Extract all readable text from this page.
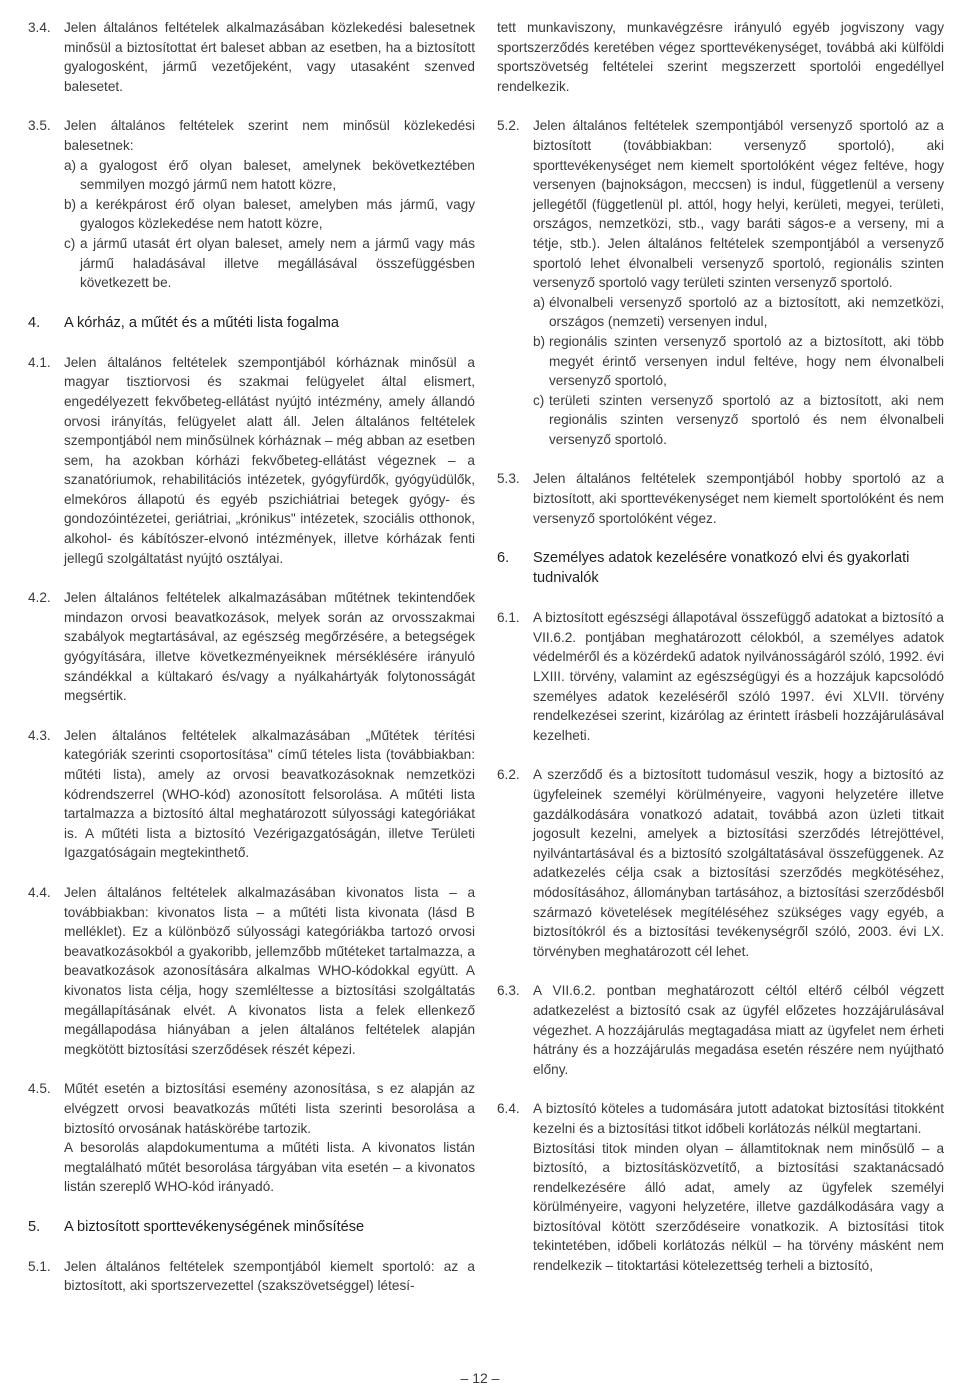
3.4. Jelen általános feltételek alkalmazásában közlekedési balesetnek minősül a biztosítottat ért baleset abban az esetben, ha a biztosított gyalogosként, jármű vezetőjeként, vagy utasaként szenved balesetet.
3.5. Jelen általános feltételek szerint nem minősül közlekedési balesetnek:

a) a gyalogost érő olyan baleset, amelynek bekövetkeztében semmilyen mozgó jármű nem hatott közre,
b) a kerékpárost érő olyan baleset, amelyben más jármű, vagy gyalogos közlekedése nem hatott közre,
c) a jármű utasát ért olyan baleset, amely nem a jármű vagy más jármű haladásával illetve megállásával összefüggésben következett be.
4.	A kórház, a műtét és a műtéti lista fogalma
4.1. Jelen általános feltételek szempontjából kórháznak minősül a magyar tisztiorvosi és szakmai felügyelet által elismert, engedélyezett fekvőbeteg-ellátást nyújtó intézmény, amely állandó orvosi irányítás, felügyelet alatt áll. Jelen általános feltételek szempontjából nem minősülnek kórháznak – még abban az esetben sem, ha azokban kórházi fekvőbeteg-ellátást végeznek – a szanatóriumok, rehabilitációs intézetek, gyógyfürdők, gyógyüdülők, elmekóros állapotú és egyéb pszichiátriai betegek gyógy- és gondozóintézetei, geriátriai, „krónikus" intézetek, szociális otthonok, alkohol- és kábítószer-elvonó intézmények, illetve kórházak fenti jellegű szolgáltatást nyújtó osztályai.
4.2. Jelen általános feltételek alkalmazásában műtétnek tekintendőek mindazon orvosi beavatkozások, melyek során az orvosszakmai szabályok megtartásával, az egészség megőrzésére, a betegségek gyógyítására, illetve következményeiknek mérséklésére irányuló szándékkal a kültakaró és/vagy a nyálkahártyák folytonosságát megsértik.
4.3. Jelen általános feltételek alkalmazásában „Műtétek térítési kategóriák szerinti csoportosítása" című tételes lista (továbbiakban: műtéti lista), amely az orvosi beavatkozásoknak nemzetközi kódrendszerrel (WHO-kód) azonosított felsorolása. A műtéti lista tartalmazza a biztosító által meghatározott súlyossági kategóriákat is. A műtéti lista a biztosító Vezérigazgatóságán, illetve Területi Igazgatóságain megtekinthető.
4.4. Jelen általános feltételek alkalmazásában kivonatos lista – a továbbiakban: kivonatos lista – a műtéti lista kivonata (lásd B melléklet). Ez a különböző súlyossági kategóriákba tartozó orvosi beavatkozásokból a gyakoribb, jellemzőbb műtéteket tartalmazza, a beavatkozások azonosítására alkalmas WHO-kódokkal együtt. A kivonatos lista célja, hogy szemléltesse a biztosítási szolgáltatás megállapításának elvét. A kivonatos lista a felek ellenkező megállapodása hiányában a jelen általános feltételek alapján megkötött biztosítási szerződések részét képezi.
4.5. Műtét esetén a biztosítási esemény azonosítása, s ez alapján az elvégzett orvosi beavatkozás műtéti lista szerinti besorolása a biztosító orvosának hatáskörébe tartozik.

A besorolás alapdokumentuma a műtéti lista. A kivonatos listán megtalálható műtét besorolása tárgyában vita esetén – a kivonatos listán szereplő WHO-kód irányadó.

5.	A biztosított sporttevékenységének minősítése
5.1. Jelen általános feltételek szempontjából kiemelt sportoló: az a biztosított, aki sportszervezettel (szakszövetséggel) létesí-
tett munkaviszony, munkavégzésre irányuló egyéb jogviszony vagy sportszerződés keretében végez sporttevékenységet, továbbá aki külföldi sportszövetség feltételei szerint megszerzett sportolói engedéllyel rendelkezik.
5.2. Jelen általános feltételek szempontjából versenyző sportoló az a biztosított (továbbiakban: versenyző sportoló), aki sporttevékenységet nem kiemelt sportolóként végez feltéve, hogy versenyen (bajnokságon, meccsen) is indul, függetlenül a verseny jellegétől (függetlenül pl. attól, hogy helyi, kerületi, megyei, területi, országos, nemzetközi, stb., vagy baráti ságos-e a verseny, mi a tétje, stb.). Jelen általános feltételek szempontjából a versenyző sportoló lehet élvonalbeli versenyző sportoló, regionális szinten versenyző sportoló vagy területi szinten versenyző sportoló.

a) élvonalbeli versenyző sportoló az a biztosított, aki nemzetközi, országos (nemzeti) versenyen indul,
b) regionális szinten versenyző sportoló az a biztosított, aki több megyét érintő versenyen indul feltéve, hogy nem élvonalbeli versenyző sportoló,
c) területi szinten versenyző sportoló az a biztosított, aki nem regionális szinten versenyző sportoló és nem élvonalbeli versenyző sportoló.
5.3. Jelen általános feltételek szempontjából hobby sportoló az a biztosított, aki sporttevékenységet nem kiemelt sportolóként és nem versenyző sportolóként végez.
6.	Személyes adatok kezelésére vonatkozó elvi és gyakorlati tudnivalók
6.1. A biztosított egészségi állapotával összefüggő adatokat a biztosító a VII.6.2. pontjában meghatározott célokból, a személyes adatok védelméről és a közérdekű adatok nyilvánosságáról szóló, 1992. évi LXIII. törvény, valamint az egészségügyi és a hozzájuk kapcsolódó személyes adatok kezeléséről szóló 1997. évi XLVII. törvény rendelkezései szerint, kizárólag az érintett írásbeli hozzájárulásával kezelheti.
6.2. A szerződő és a biztosított tudomásul veszik, hogy a biztosító az ügyfeleinek személyi körülményeire, vagyoni helyzetére illetve gazdálkodására vonatkozó adatait, továbbá azon üzleti titkait jogosult kezelni, amelyek a biztosítási szerződés létrejöttével, nyilvántartásával és a biztosító szolgáltatásával összefüggenek. Az adatkezelés célja csak a biztosítási szerződés megkötéséhez, módosításához, állományban tartásához, a biztosítási szerződésből származó követelések megítéléséhez szükséges vagy egyéb, a biztosítókról és a biztosítási tevékenységről szóló, 2003. évi LX. törvényben meghatározott cél lehet.
6.3. A VII.6.2. pontban meghatározott céltól eltérő célból végzett adatkezelést a biztosító csak az ügyfél előzetes hozzájárulásával végezhet. A hozzájárulás megtagadása miatt az ügyfelet nem érheti hátrány és a hozzájárulás megadása esetén részére nem nyújtható előny.
6.4. A biztosító köteles a tudomására jutott adatokat biztosítási titokként kezelni és a biztosítási titkot időbeli korlátozás nélkül megtartani.

Biztosítási titok minden olyan – államtitoknak nem minősülő – a biztosító, a biztosításközvetítő, a biztosítási szaktanácsadó rendelkezésére álló adat, amely az ügyfelek személyi körülményeire, vagyoni helyzetére, illetve gazdálkodására vagy a biztosítóval kötött szerződéseire vonatkozik. A biztosítási titok tekintetében, időbeli korlátozás nélkül – ha törvény másként nem rendelkezik – titoktartási kötelezettség terheli a biztosító,

– 12 –
